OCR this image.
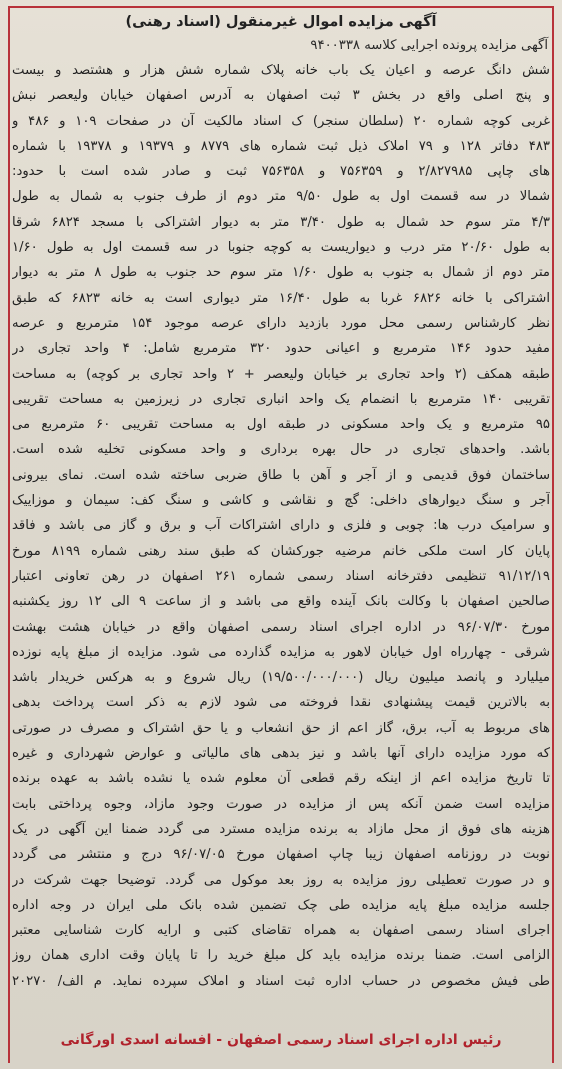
آگهی مزایده اموال غیرمنقول (اسناد رهنی)
آگهی مزایده پرونده اجرایی کلاسه ۹۴۰۰۳۳۸
شش دانگ عرصه و اعیان یک باب خانه پلاک شماره شش هزار و هشتصد و بیست
و پنج اصلی واقع در بخش ۳ ثبت اصفهان به آدرس اصفهان خیابان ولیعصر نبش
غربی کوچه شماره ۲۰ (سلطان سنجر) ک اسناد مالکیت آن در صفحات ۱۰۹ و ۴۸۶ و
۴۸۳ دفاتر ۱۲۸ و ۷۹ املاک ذیل ثبت شماره های ۸۷۷۹ و ۱۹۳۷۹ و ۱۹۳۷۸ با شماره
های چاپی ۲/۸۲۷۹۸۵ و ۷۵۶۳۵۹ و ۷۵۶۳۵۸ ثبت و صادر شده است با حدود:
شمالا در سه قسمت اول به طول ۹/۵۰ متر دوم از طرف جنوب به شمال به طول
۴/۳ متر سوم حد شمال به طول ۳/۴۰ متر به دیوار اشتراکی با مسجد ۶۸۲۴ شرقا
به طول ۲۰/۶۰ متر درب و دیواریست به کوچه جنوبا در سه قسمت اول به طول ۱/۶۰
متر دوم از شمال به جنوب به طول ۱/۶۰ متر سوم حد جنوب به طول ۸ متر به دیوار
اشتراکی با خانه ۶۸۲۶ غربا به طول ۱۶/۴۰ متر دیواری است به خانه ۶۸۲۳ که طبق
نظر کارشناس رسمی محل مورد بازدید دارای عرصه موجود ۱۵۴ مترمربع و عرصه
مفید حدود ۱۴۶ مترمربع و اعیانی حدود ۳۲۰ مترمربع شامل: ۴ واحد تجاری در
طبقه همکف (۲ واحد تجاری بر خیابان ولیعصر + ۲ واحد تجاری بر کوچه) به مساحت
تقریبی ۱۴۰ مترمربع با انضمام یک واحد انباری تجاری در زیرزمین به مساحت تقریبی
۹۵ مترمربع و یک واحد مسکونی در طبقه اول به مساحت تقریبی ۶۰ مترمربع می
باشد. واحدهای تجاری در حال بهره برداری و واحد مسکونی تخلیه شده است.
ساختمان فوق قدیمی و از آجر و آهن با طاق ضربی ساخته شده است. نمای بیرونی
آجر و سنگ دیوارهای داخلی: گچ و نقاشی و کاشی و سنگ کف: سیمان و موزاییک
و سرامیک درب ها: چوبی و فلزی و دارای اشتراکات آب و برق و گاز می باشد و فاقد
پایان کار است ملکی خانم مرضیه جورکشان که طبق سند رهنی شماره ۸۱۹۹ مورخ
۹۱/۱۲/۱۹ تنظیمی دفترخانه اسناد رسمی شماره ۲۶۱ اصفهان در رهن تعاونی اعتبار
صالحین اصفهان با وکالت بانک آینده واقع می باشد و از ساعت ۹ الی ۱۲ روز یکشنبه
مورخ ۹۶/۰۷/۳۰ در اداره اجرای اسناد رسمی اصفهان واقع در خیابان هشت بهشت
شرقی - چهارراه اول خیابان لاهور به مزایده گذارده می شود. مزایده از مبلغ پایه نوزده
میلیارد و پانصد میلیون ریال (۱۹/۵۰۰/۰۰۰/۰۰۰) ریال شروع و به هرکس خریدار باشد
به بالاترین قیمت پیشنهادی نقدا فروخته می شود لازم به ذکر است پرداخت بدهی
های مربوط به آب، برق، گاز اعم از حق انشعاب و یا حق اشتراک و مصرف در صورتی
که مورد مزایده دارای آنها باشد و نیز بدهی های مالیاتی و عوارض شهرداری و غیره
تا تاریخ مزایده اعم از اینکه رقم قطعی آن معلوم شده یا نشده باشد به عهده برنده
مزایده است ضمن آنکه پس از مزایده در صورت وجود مازاد، وجوه پرداختی بابت
هزینه های فوق از محل مازاد به برنده مزایده مسترد می گردد ضمنا این آگهی در یک
نوبت در روزنامه اصفهان زیبا چاپ اصفهان مورخ ۹۶/۰۷/۰۵ درج و منتشر می گردد
و در صورت تعطیلی روز مزایده به روز بعد موکول می گردد. توضیحا جهت شرکت در
جلسه مزایده مبلغ پایه مزایده طی چک تضمین شده بانک ملی ایران در وجه اداره
اجرای اسناد رسمی اصفهان به همراه تقاضای کتبی و ارایه کارت شناسایی معتبر
الزامی است. ضمنا برنده مزایده باید کل مبلغ خرید را تا پایان وقت اداری همان روز
طی فیش مخصوص در حساب اداره ثبت اسناد و املاک سپرده نماید. م الف/ ۲۰۲۷۰
رئیس اداره اجرای اسناد رسمی اصفهان - افسانه اسدی اورگانی
